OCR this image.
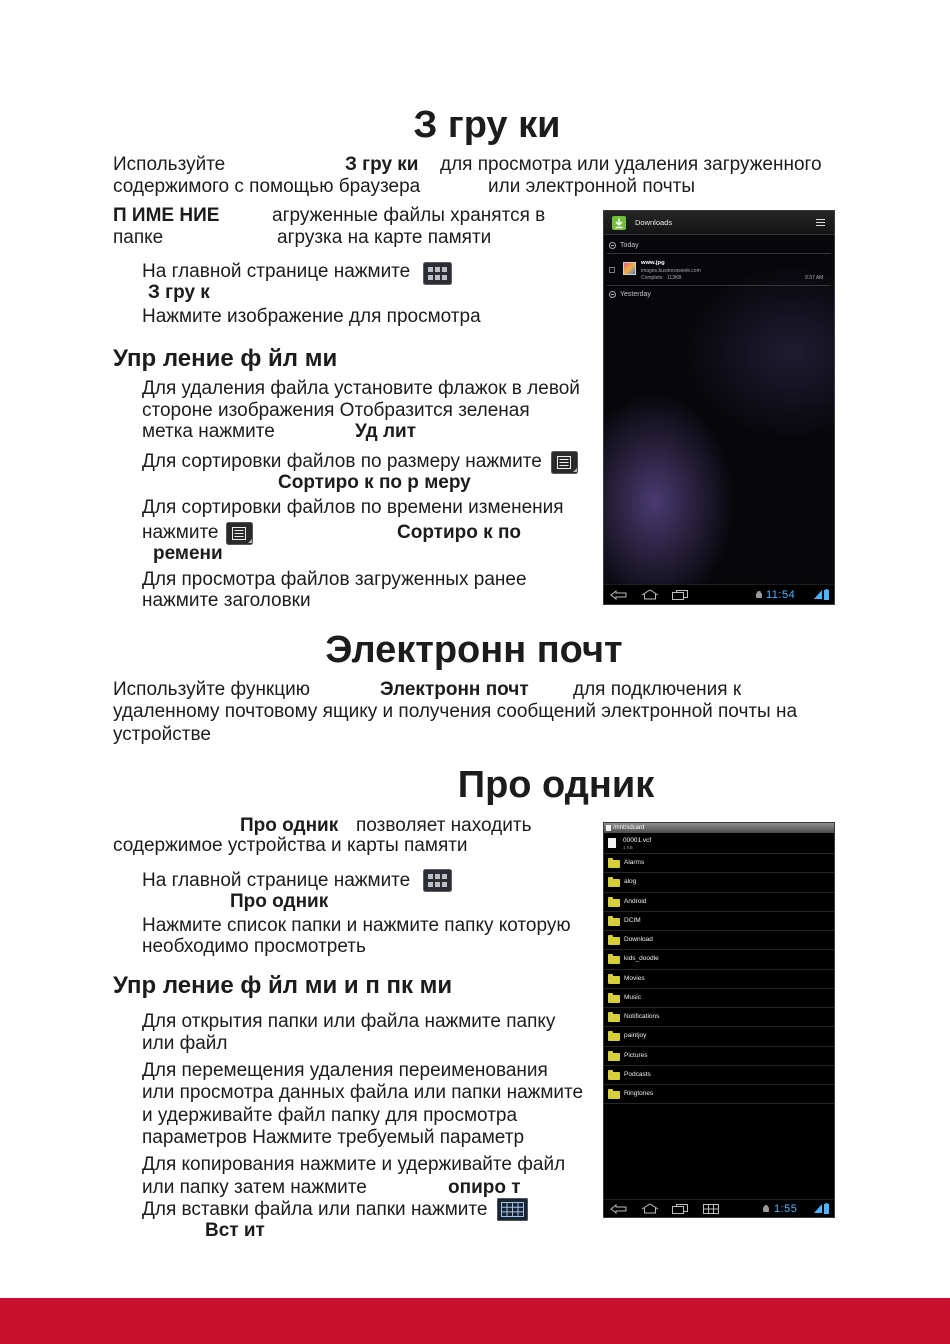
З гру ки
Используйте	З гру ки для просмотра или удаления загруженного
содержимого с помощью браузера	или электронной почты
П ИМЕ НИЕ	агруженные файлы хранятся в
папке	агрузка на карте памяти
На главной странице нажмите
З гру к
Нажмите изображение для просмотра
Упр ление ф йл ми
Для удаления файла установите флажок в левой
стороне изображения Отобразится зеленая
метка нажмите	Уд лит
Для сортировки файлов по размеру нажмите
Сортиро к по р меру
Для сортировки файлов по времени изменения
нажмите	Сортиро к по
ремени
Для просмотра файлов загруженных ранее
нажмите заголовки
Downloads
Today
www.jpg
images.businessweek.com
Complete 113KB	9:37 AM
Yesterday
11:54
Электронн почт
Используйте функцию	Электронн почт для подключения к
удаленному почтовому ящику и получения сообщений электронной почты на
устройстве
Про одник
Про одник позволяет находить
содержимое устройства и карты памяти
На главной странице нажмите
Про одник
Нажмите список папки и нажмите папку которую
необходимо просмотреть
Упр ление ф йл ми и п пк ми
Для открытия папки или файла нажмите папку
или файл
Для перемещения удаления переименования
или просмотра данных файла или папки нажмите
и удерживайте файл папку для просмотра
параметров Нажмите требуемый параметр
Для копирования нажмите и удерживайте файл
или папку затем нажмите	опиро т
Для вставки файла или папки нажмите
Вст ит
/mnt/sdcard
00001.vcf
1 KB
Alarms
alog
Android
DCIM
Download
kids_doodle
Movies
Music
Notifications
paintjoy
Pictures
Podcasts
Ringtones
1:55
